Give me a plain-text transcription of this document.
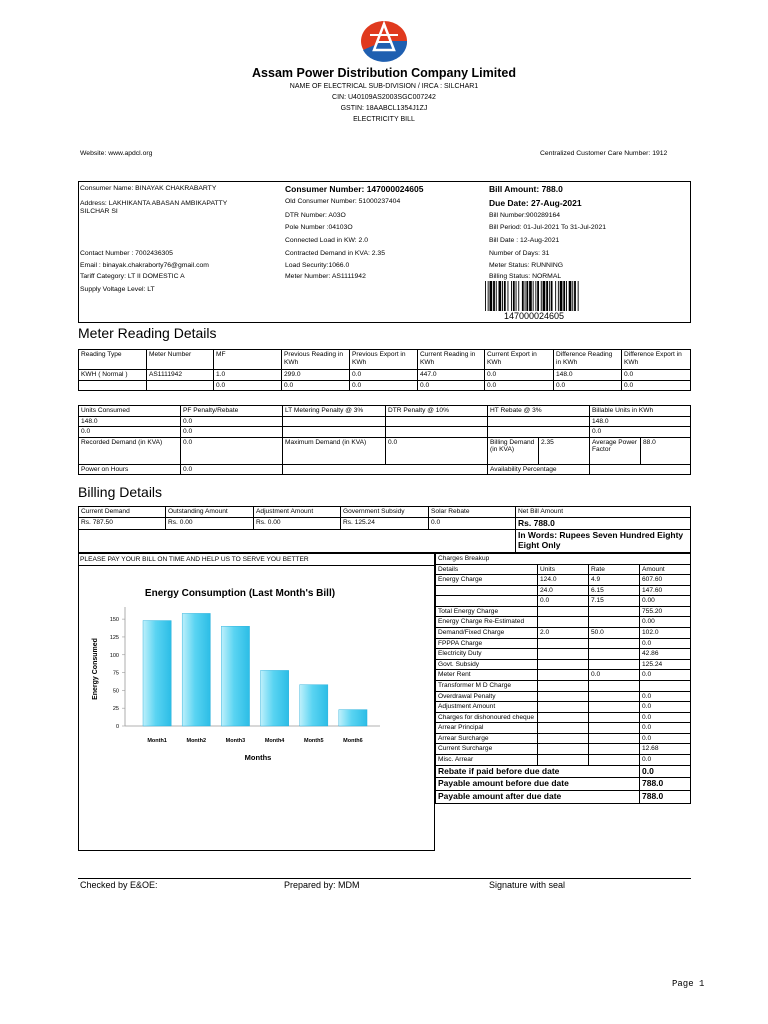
Assam Power Distribution Company Limited
NAME OF ELECTRICAL SUB-DIVISION / IRCA : SILCHAR1
CIN: U40109AS2003SGC007242
GSTIN: 18AABCL1354J1ZJ
ELECTRICITY BILL
Website: www.apdcl.org	Centralized Customer Care Number: 1912
Consumer Name: BINAYAK CHAKRABARTY
Address: LAKHIKANTA ABASAN AMBIKAPATTY
SILCHAR SI
Contact Number : 7002436305
Email : binayak.chakraborty76@gmail.com
Tariff Category: LT II DOMESTIC A
Supply Voltage Level: LT
Consumer Number: 147000024605
Old Consumer Number: 51000237404
DTR Number: A03O
Pole Number :04103O
Connected Load in KW: 2.0
Contracted Demand in KVA: 2.35
Load Security:1066.0
Meter Number: AS1111942
Bill Amount: 788.0
Due Date: 27-Aug-2021
Bill Number:900289164
Bill Period: 01-Jul-2021 To 31-Jul-2021
Bill Date : 12-Aug-2021
Number of Days: 31
Meter Status: RUNNING
Billing Status: NORMAL
147000024605
Meter Reading Details
Reading Type	Meter Number	MF	Previous Reading in KWh	Previous Export in KWh	Current Reading in KWh	Current Export in KWh	Difference Reading in KWh	Difference Export in KWh
KWH ( Normal )	AS1111942	1.0	299.0	0.0	447.0	0.0	148.0	0.0
		0.0	0.0	0.0	0.0	0.0	0.0	0.0
Units Consumed	PF Penalty/Rebate	LT Metering Penalty @ 3%	DTR Penalty @ 10%	HT Rebate @ 3%		Billable Units in KWh	
148.0	0.0					148.0	
0.0	0.0					0.0	
Recorded Demand (in KVA)	0.0	Maximum Demand (in KVA)	0.0	Billing Demand (in KVA)	2.35	Average Power Factor	88.0
Power on Hours	0.0			Availability Percentage			
Billing Details
Current Demand	Outstanding Amount	Adjustment Amount	Government Subsidy	Solar Rebate	Net Bill Amount
Rs. 787.50	Rs. 0.00	Rs. 0.00	Rs. 125.24	0.0	Rs. 788.0
					In Words: Rupees Seven Hundred Eighty Eight Only
PLEASE PAY YOUR BILL ON TIME AND HELP US TO SERVE YOU BETTER
Energy Consumption (Last Month's Bill)
0
25
50
75
100
125
150
Month1	Month2	Month3	Month4	Month5	Month6
Months
Energy Consumed
Charges Breakup			
Details	Units	Rate	Amount
Energy Charge	124.0	4.9	607.60
	24.0	6.15	147.60
	0.0	7.15	0.00
Total Energy Charge			755.20
Energy Charge Re-Estimated			0.00
Demand/Fixed Charge	2.0	50.0	102.0
FPPPA Charge			0.0
Electricity Duty			42.86
Govt. Subsidy			125.24
Meter Rent		0.0	0.0
Transformer M D Charge			
Overdrawal Penalty			0.0
Adjustment Amount			0.0
Charges for dishonoured cheque			0.0
Arrear Principal			0.0
Arrear Surcharge			0.0
Current Surcharge			12.68
Misc. Arrear			0.0
Rebate if paid before due date			0.0
Payable amount before due date			788.0
Payable amount after due date			788.0
Checked by E&OE:	Prepared by: MDM	Signature with seal
Page 1
